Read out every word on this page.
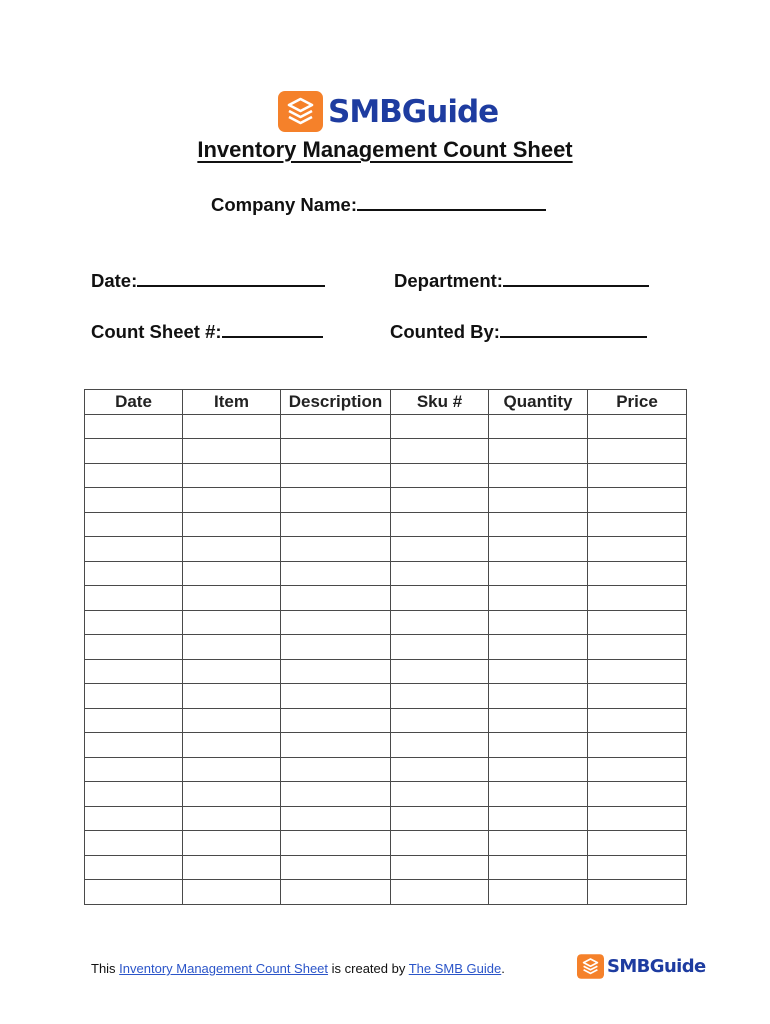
SMBGuide
Inventory Management Count Sheet
Company Name:
Date:	Department:
Count Sheet #:	Counted By:
Date	Item	Description	Sku #	Quantity	Price

This Inventory Management Count Sheet is created by The SMB Guide.	SMBGuide
